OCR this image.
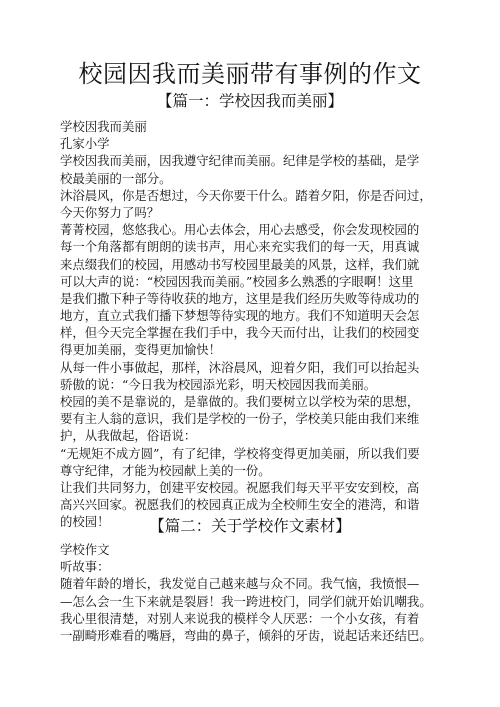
校园因我而美丽带有事例的作文
【篇一：学校因我而美丽】
学校因我而美丽
孔家小学
学校因我而美丽，因我遵守纪律而美丽。纪律是学校的基础，是学
校最美丽的一部分。
沐浴晨风，你是否想过，今天你要干什么。踏着夕阳，你是否问过，
今天你努力了吗？
菁菁校园，悠悠我心。用心去体会，用心去感受，你会发现校园的
每一个角落都有朗朗的读书声，用心来充实我们的每一天，用真诚
来点缀我们的校园，用感动书写校园里最美的风景，这样，我们就
可以大声的说：“校园因我而美丽。”校园多么熟悉的字眼啊！这里
是我们撒下种子等待收获的地方，这里是我们经历失败等待成功的
地方，直立式我们播下梦想等待实现的地方。我们不知道明天会怎
样，但今天完全掌握在我们手中，我今天而付出，让我们的校园变
得更加美丽，变得更加愉快！
从每一件小事做起，那样，沐浴晨风，迎着夕阳，我们可以抬起头
骄傲的说：“今日我为校园添光彩，明天校园因我而美丽。
校园的美不是靠说的，是靠做的。我们要树立以学校为荣的思想，
要有主人翁的意识，我们是学校的一份子，学校美只能由我们来维
护，从我做起，俗语说：
“无规矩不成方圆”，有了纪律，学校将变得更加美丽，所以我们要
尊守纪律，才能为校园献上美的一份。
让我们共同努力，创建平安校园。祝愿我们每天平平安安到校，高
高兴兴回家。祝愿我们的校园真正成为全校师生安全的港湾，和谐
的校园！	【篇二：关于学校作文素材】
学校作文
听故事：
随着年龄的增长，我发觉自己越来越与众不同。我气恼，我愤恨—
—怎么会一生下来就是裂唇！我一跨进校门，同学们就开始讥嘲我。
我心里很清楚，对别人来说我的模样令人厌恶：一个小女孩，有着
一副畸形难看的嘴唇，弯曲的鼻子，倾斜的牙齿，说起话来还结巴。
